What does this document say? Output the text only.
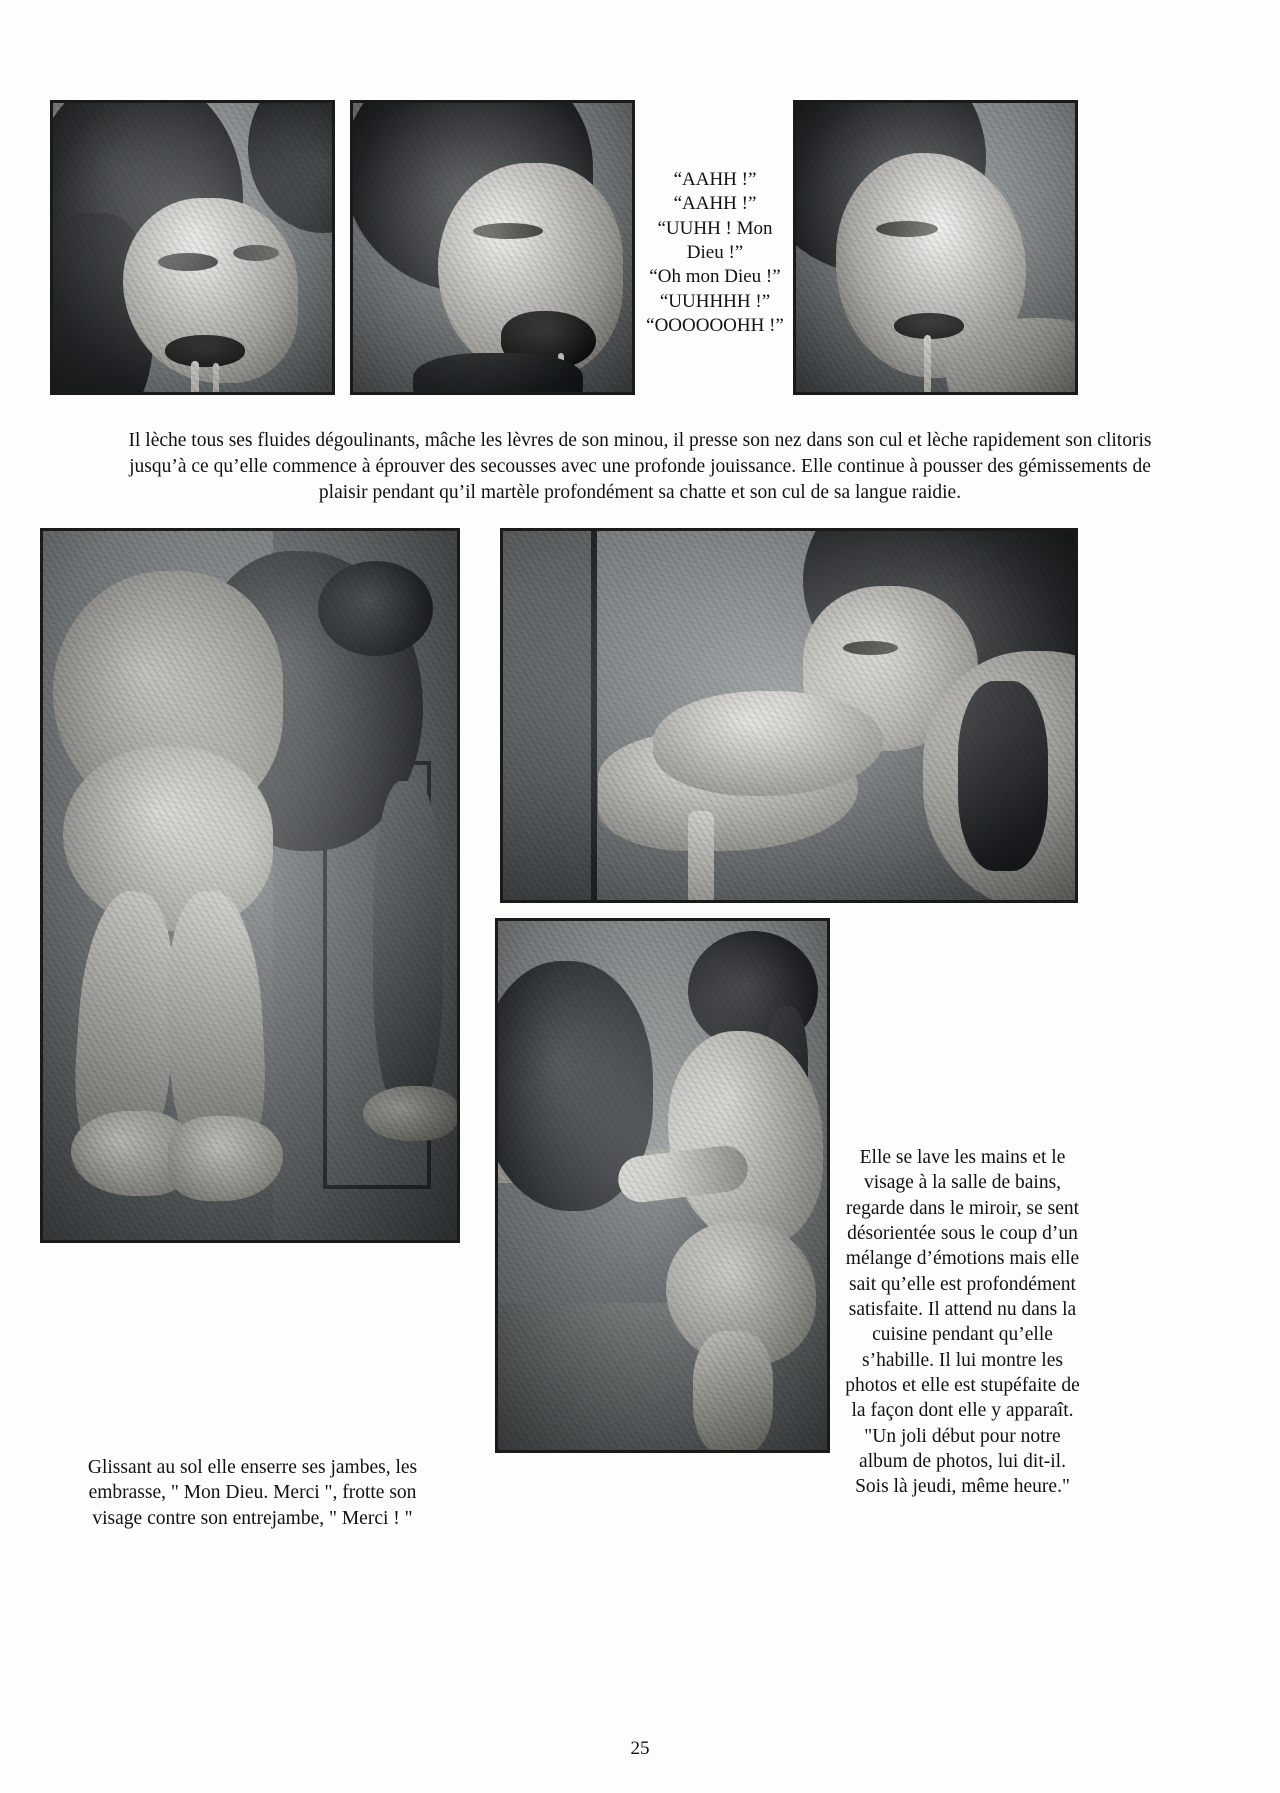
“AAHH !”
“AAHH !”
“UUHH ! Mon
Dieu !”
“Oh mon Dieu !”
“UUHHHH !”
“OOOOOOHH !”
Il lèche tous ses fluides dégoulinants, mâche les lèvres de son minou, il presse son nez dans son cul et lèche rapidement son clitoris jusqu’à ce qu’elle commence à éprouver des secousses avec une profonde jouissance. Elle continue à pousser des gémissements de plaisir pendant qu’il martèle profondément sa chatte et son cul de sa langue raidie.
Glissant au sol elle enserre ses jambes, les embrasse, " Mon Dieu. Merci ", frotte son visage contre son entrejambe, " Merci ! "
Elle se lave les mains et le visage à la salle de bains, regarde dans le miroir, se sent désorientée sous le coup d’un mélange d’émotions mais elle sait qu’elle est profondément satisfaite. Il attend nu dans la cuisine pendant qu’elle s’habille. Il lui montre les photos et elle est stupéfaite de la façon dont elle y apparaît. "Un joli début pour notre album de photos, lui dit-il. Sois là jeudi, même heure."
25
